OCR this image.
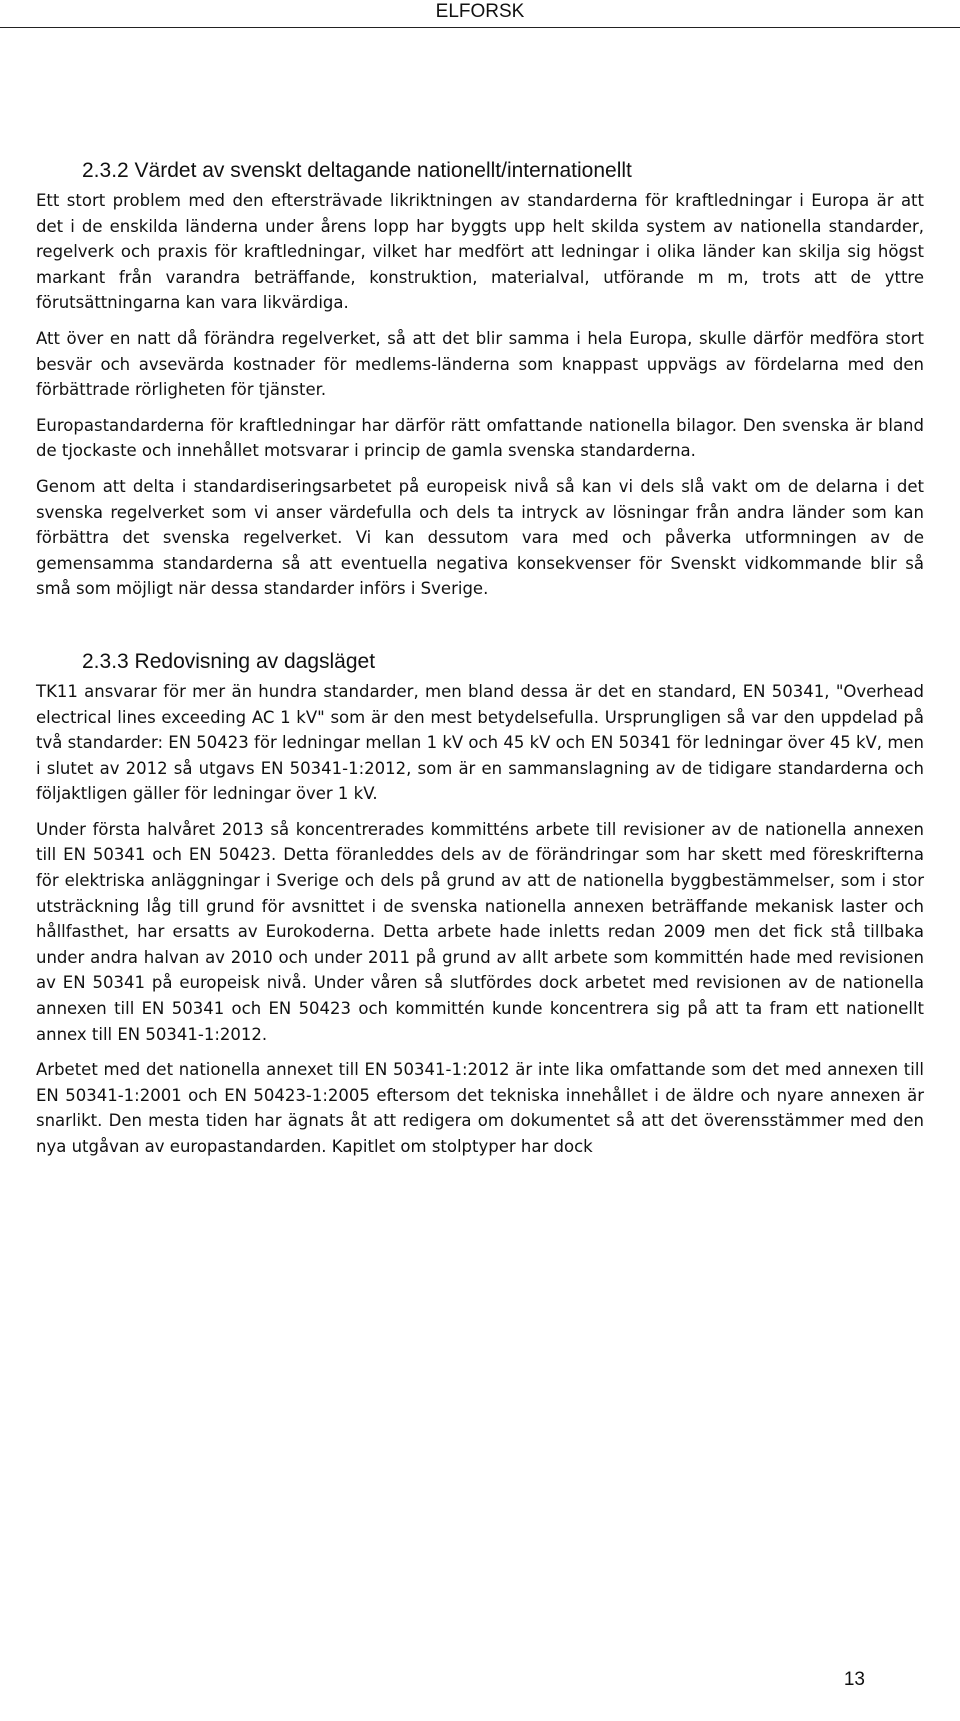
ELFORSK
2.3.2 Värdet av svenskt deltagande nationellt/internationellt

Ett stort problem med den eftersträvade likriktningen av standarderna för kraftledningar i Europa är att det i de enskilda länderna under årens lopp har byggts upp helt skilda system av nationella standarder, regelverk och praxis för kraftledningar, vilket har medfört att ledningar i olika länder kan skilja sig högst markant från varandra beträffande, konstruktion, materialval, utförande m m, trots att de yttre förutsättningarna kan vara likvärdiga.

Att över en natt då förändra regelverket, så att det blir samma i hela Europa, skulle därför medföra stort besvär och avsevärda kostnader för medlems-länderna som knappast uppvägs av fördelarna med den förbättrade rörligheten för tjänster.

Europastandarderna för kraftledningar har därför rätt omfattande nationella bilagor. Den svenska är bland de tjockaste och innehållet motsvarar i princip de gamla svenska standarderna.

Genom att delta i standardiseringsarbetet på europeisk nivå så kan vi dels slå vakt om de delarna i det svenska regelverket som vi anser värdefulla och dels ta intryck av lösningar från andra länder som kan förbättra det svenska regelverket. Vi kan dessutom vara med och påverka utformningen av de gemensamma standarderna så att eventuella negativa konsekvenser för Svenskt vidkommande blir så små som möjligt när dessa standarder införs i Sverige.

2.3.3 Redovisning av dagsläget

TK11 ansvarar för mer än hundra standarder, men bland dessa är det en standard, EN 50341, "Overhead electrical lines exceeding AC 1 kV" som är den mest betydelsefulla. Ursprungligen så var den uppdelad på två standarder: EN 50423 för ledningar mellan 1 kV och 45 kV och EN 50341 för ledningar över 45 kV, men i slutet av 2012 så utgavs EN 50341-1:2012, som är en sammanslagning av de tidigare standarderna och följaktligen gäller för ledningar över 1 kV.

Under första halvåret 2013 så koncentrerades kommitténs arbete till revisioner av de nationella annexen till EN 50341 och EN 50423. Detta föranleddes dels av de förändringar som har skett med föreskrifterna för elektriska anläggningar i Sverige och dels på grund av att de nationella byggbestämmelser, som i stor utsträckning låg till grund för avsnittet i de svenska nationella annexen beträffande mekanisk laster och hållfasthet, har ersatts av Eurokoderna. Detta arbete hade inletts redan 2009 men det fick stå tillbaka under andra halvan av 2010 och under 2011 på grund av allt arbete som kommittén hade med revisionen av EN 50341 på europeisk nivå. Under våren så slutfördes dock arbetet med revisionen av de nationella annexen till EN 50341 och EN 50423 och kommittén kunde koncentrera sig på att ta fram ett nationellt annex till EN 50341-1:2012.

Arbetet med det nationella annexet till EN 50341-1:2012 är inte lika omfattande som det med annexen till EN 50341-1:2001 och EN 50423-1:2005 eftersom det tekniska innehållet i de äldre och nyare annexen är snarlikt. Den mesta tiden har ägnats åt att redigera om dokumentet så att det överensstämmer med den nya utgåvan av europastandarden. Kapitlet om stolptyper har dock

13
